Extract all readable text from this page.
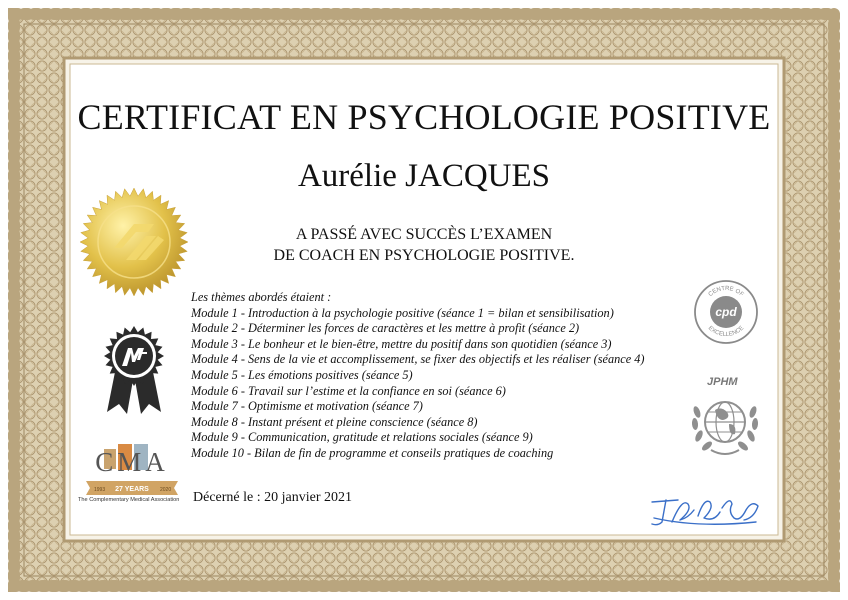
CMA
1993 27 YEARS 2020
The Complementary Medical Association
cpd
CENTRE OF
EXCELLENCE
JPHM
CERTIFICAT EN PSYCHOLOGIE POSITIVE
Aurélie JACQUES
A PASSÉ AVEC SUCCÈS L’EXAMEN
DE COACH EN PSYCHOLOGIE POSITIVE.
Les thèmes abordés étaient :
Module 1 - Introduction à la psychologie positive (séance 1 = bilan et sensibilisation)
Module 2 - Déterminer les forces de caractères et les mettre à profit (séance 2)
Module 3 - Le bonheur et le bien-être, mettre du positif dans son quotidien (séance 3)
Module 4 - Sens de la vie et accomplissement, se fixer des objectifs et les réaliser (séance 4)
Module 5 - Les émotions positives (séance 5)
Module 6 - Travail sur l’estime et la confiance en soi (séance 6)
Module 7 - Optimisme et motivation (séance 7)
Module 8 - Instant présent et pleine conscience (séance 8)
Module 9 - Communication, gratitude et relations sociales (séance 9)
Module 10 - Bilan de fin de programme et conseils pratiques de coaching
Décerné le : 20 janvier 2021
